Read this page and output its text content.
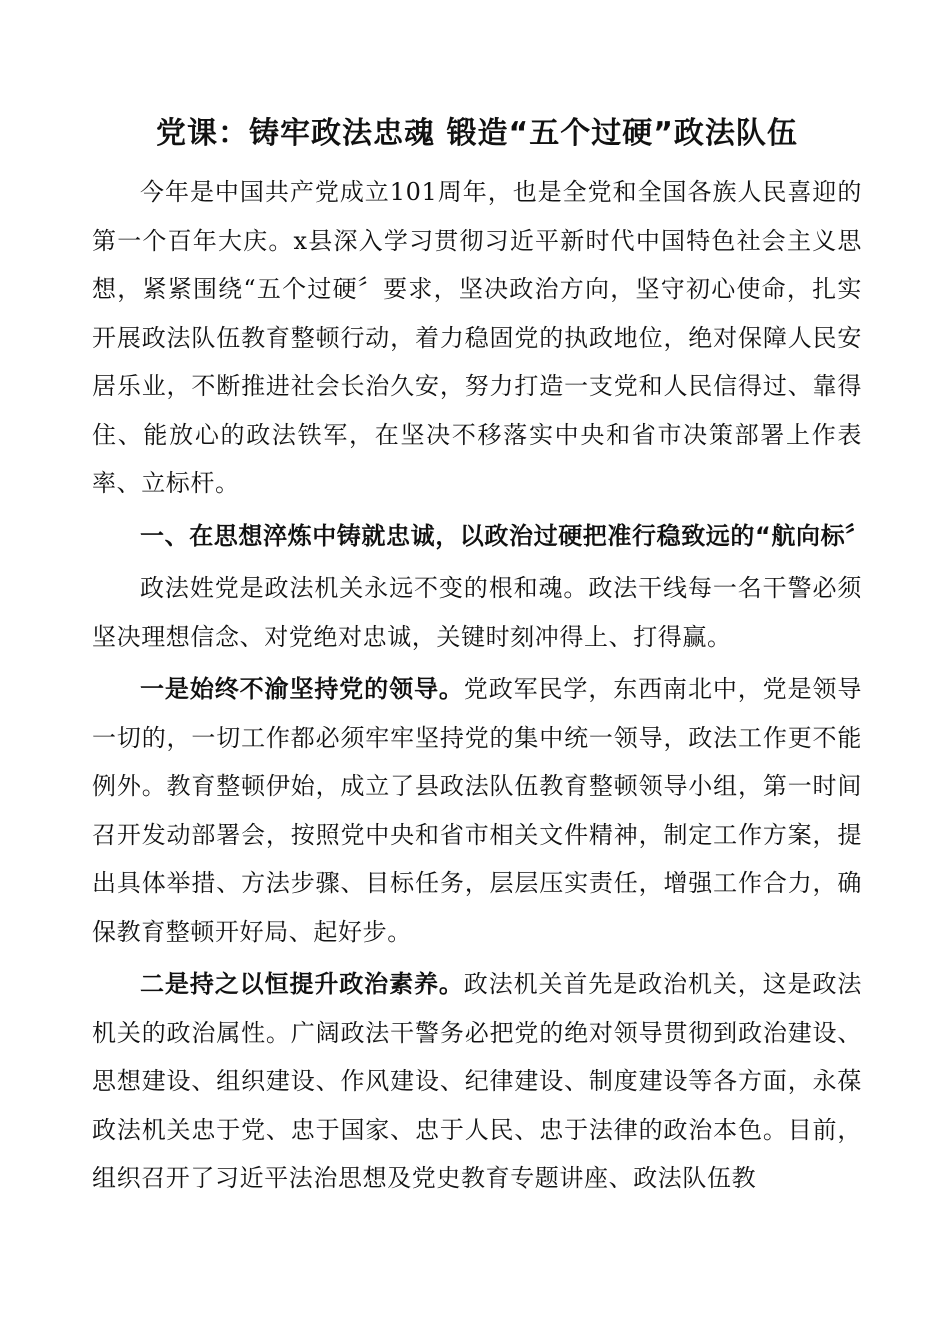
党课：铸牢政法忠魂 锻造“五个过硬”政法队伍

今年是中国共产党成立101周年，也是全党和全国各族人民喜迎的第一个百年大庆。x县深入学习贯彻习近平新时代中国特色社会主义思想，紧紧围绕“五个过硬〞要求，坚决政治方向，坚守初心使命，扎实开展政法队伍教育整顿行动，着力稳固党的执政地位，绝对保障人民安居乐业，不断推进社会长治久安，努力打造一支党和人民信得过、靠得住、能放心的政法铁军，在坚决不移落实中央和省市决策部署上作表率、立标杆。

一、在思想淬炼中铸就忠诚，以政治过硬把准行稳致远的“航向标〞

政法姓党是政法机关永远不变的根和魂。政法干线每一名干警必须坚决理想信念、对党绝对忠诚，关键时刻冲得上、打得赢。

一是始终不渝坚持党的领导。党政军民学，东西南北中，党是领导一切的，一切工作都必须牢牢坚持党的集中统一领导，政法工作更不能例外。教育整顿伊始，成立了县政法队伍教育整顿领导小组，第一时间召开发动部署会，按照党中央和省市相关文件精神，制定工作方案，提出具体举措、方法步骤、目标任务，层层压实责任，增强工作合力，确保教育整顿开好局、起好步。

二是持之以恒提升政治素养。政法机关首先是政治机关，这是政法机关的政治属性。广阔政法干警务必把党的绝对领导贯彻到政治建设、思想建设、组织建设、作风建设、纪律建设、制度建设等各方面，永葆政法机关忠于党、忠于国家、忠于人民、忠于法律的政治本色。目前，组织召开了习近平法治思想及党史教育专题讲座、政法队伍教
